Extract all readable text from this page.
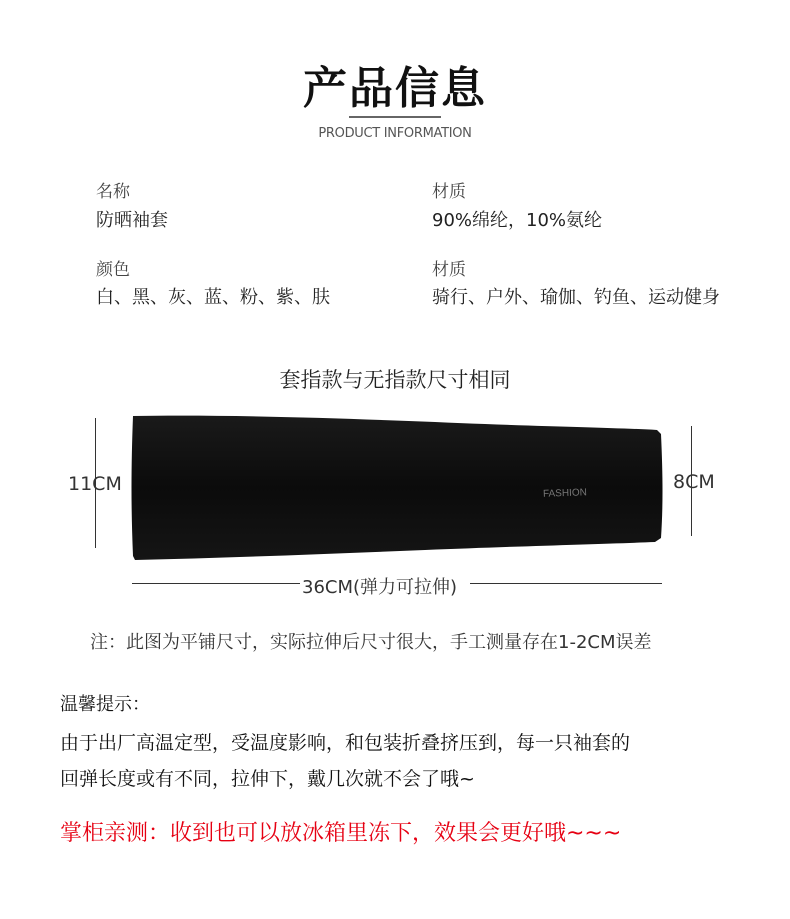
产品信息
PRODUCT INFORMATION
名称
防晒袖套
材质
90%绵纶，10%氨纶
颜色
白、黑、灰、蓝、粉、紫、肤
材质
骑行、户外、瑜伽、钓鱼、运动健身
套指款与无指款尺寸相同
11CM	8CM
FASHION
36CM(弹力可拉伸)
注：此图为平铺尺寸，实际拉伸后尺寸很大，手工测量存在1-2CM误差
温馨提示：
由于出厂高温定型，受温度影响，和包装折叠挤压到，每一只袖套的
回弹长度或有不同，拉伸下，戴几次就不会了哦~
掌柜亲测：收到也可以放冰箱里冻下，效果会更好哦~~~
